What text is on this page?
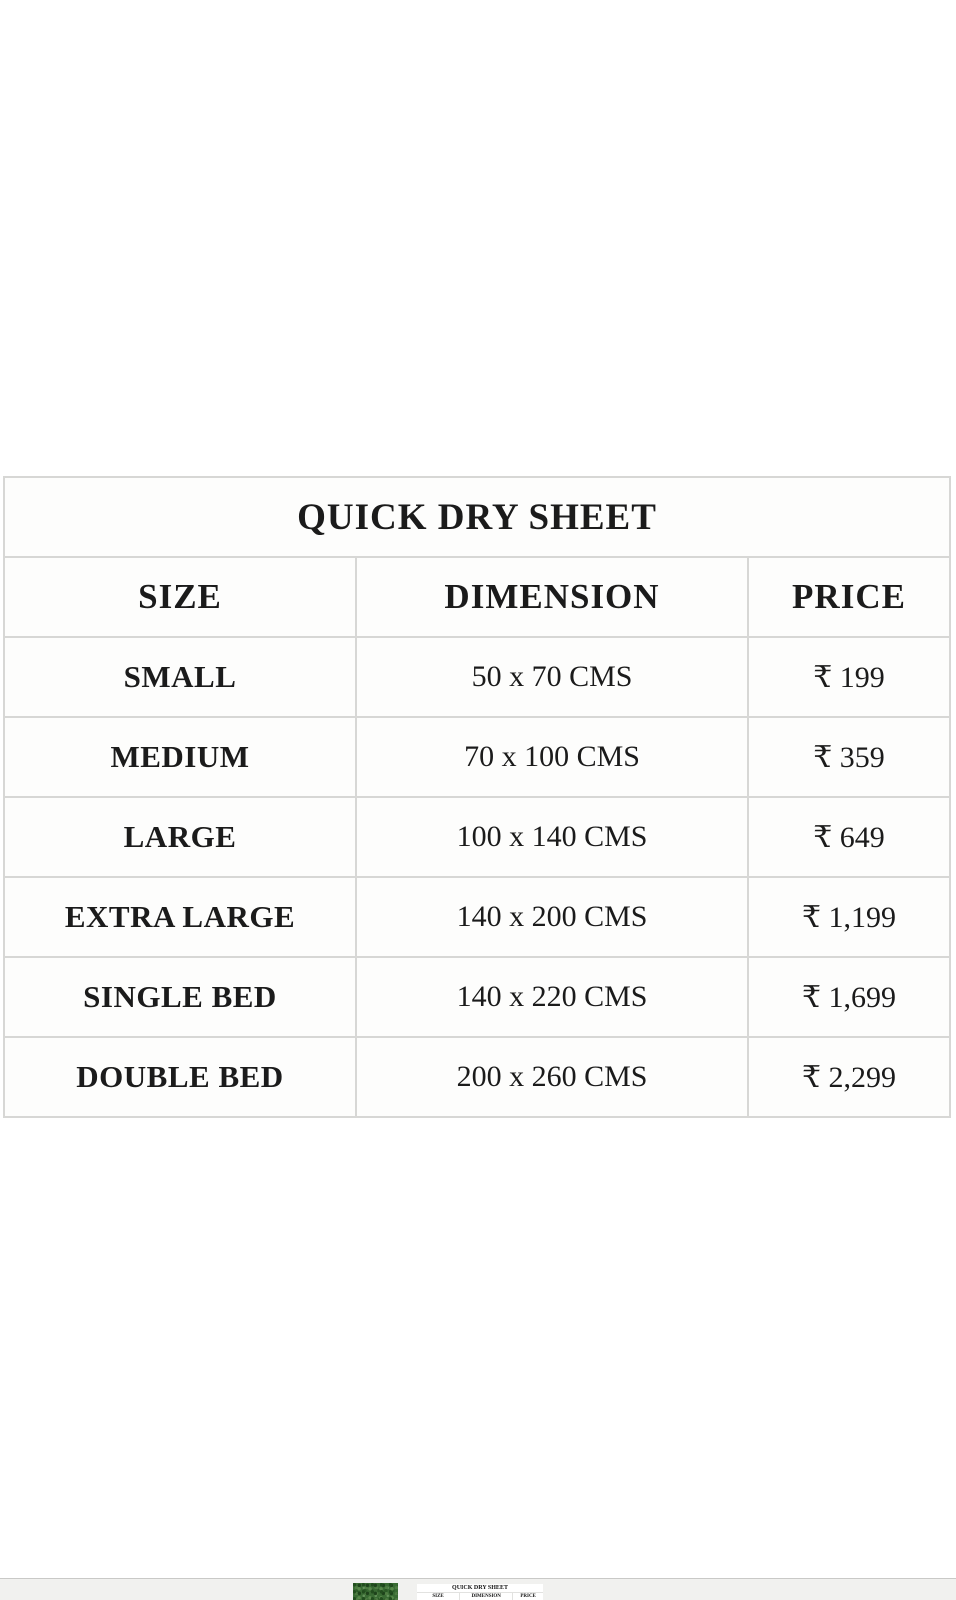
QUICK DRY SHEET		
SIZE	DIMENSION	PRICE
SMALL	50 x 70 CMS	₹ 199
MEDIUM	70 x 100 CMS	₹ 359
LARGE	100 x 140 CMS	₹ 649
EXTRA LARGE	140 x 200 CMS	₹ 1,199
SINGLE BED	140 x 220 CMS	₹ 1,699
DOUBLE BED	200 x 260 CMS	₹ 2,299
QUICK DRY SHEET
SIZE	DIMENSION	PRICE
